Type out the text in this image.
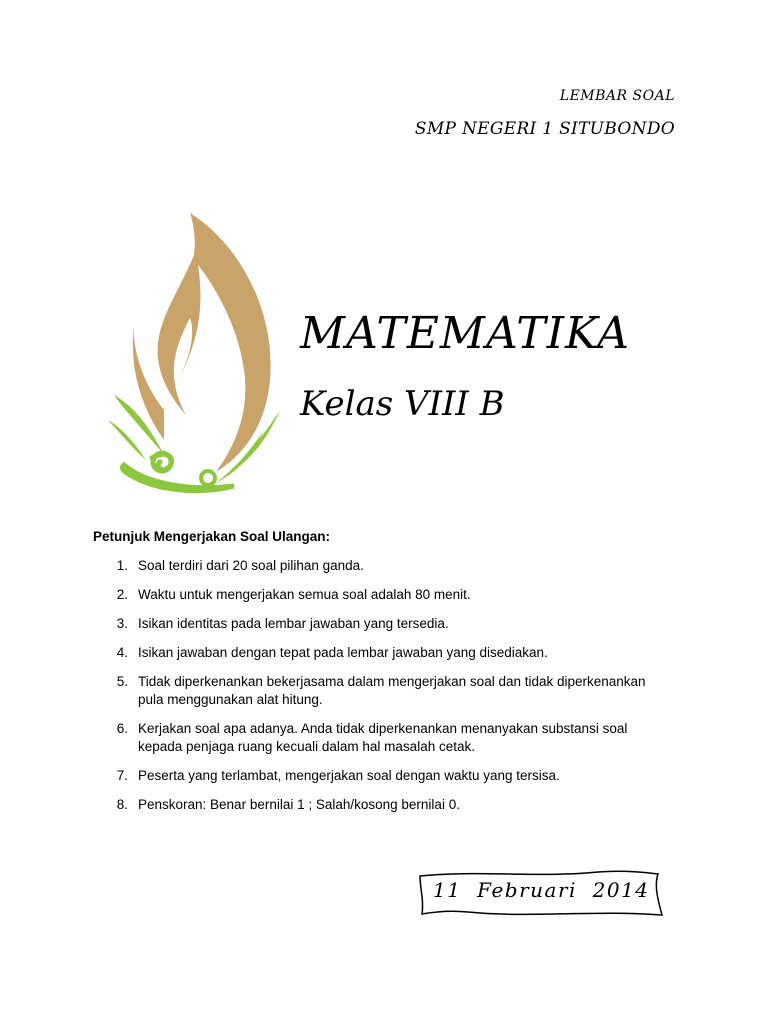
LEMBAR SOAL
SMP NEGERI 1 SITUBONDO
MATEMATIKA
Kelas VIII B
Petunjuk Mengerjakan Soal Ulangan:
1. Soal terdiri dari 20 soal pilihan ganda.
2. Waktu untuk mengerjakan semua soal adalah 80 menit.
3. Isikan identitas pada lembar jawaban yang tersedia.
4. Isikan jawaban dengan tepat pada lembar jawaban yang disediakan.
5. Tidak diperkenankan bekerjasama dalam mengerjakan soal dan tidak diperkenankan pula menggunakan alat hitung.
6. Kerjakan soal apa adanya. Anda tidak diperkenankan menanyakan substansi soal kepada penjaga ruang kecuali dalam hal masalah cetak.
7. Peserta yang terlambat, mengerjakan soal dengan waktu yang tersisa.
8. Penskoran: Benar bernilai 1 ; Salah/kosong bernilai 0.
11  Februari  2014
